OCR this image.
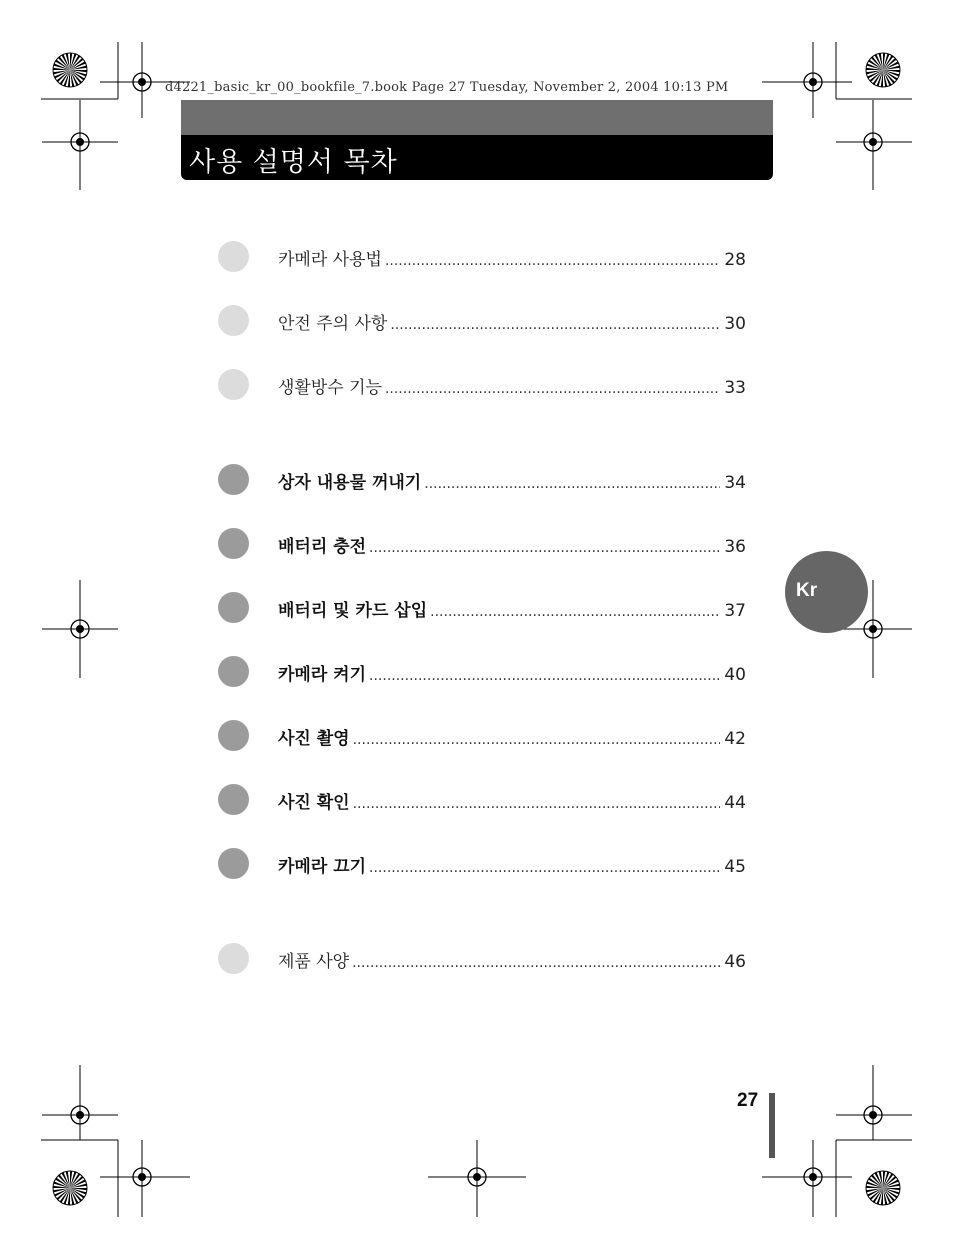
d4221_basic_kr_00_bookfile_7.book Page 27 Tuesday, November 2, 2004 10:13 PM
사용 설명서 목차
카메라 사용법 .....	28
안전 주의 사항 .....	30
생활방수 기능 .....	33
상자 내용물 꺼내기 .....	34
배터리 충전 .....	36
배터리 및 카드 삽입 .....	37
카메라 켜기 .....	40
사진 촬영 .....	42
사진 확인 .....	44
카메라 끄기 .....	45
제품 사양 .....	46
Kr
27
